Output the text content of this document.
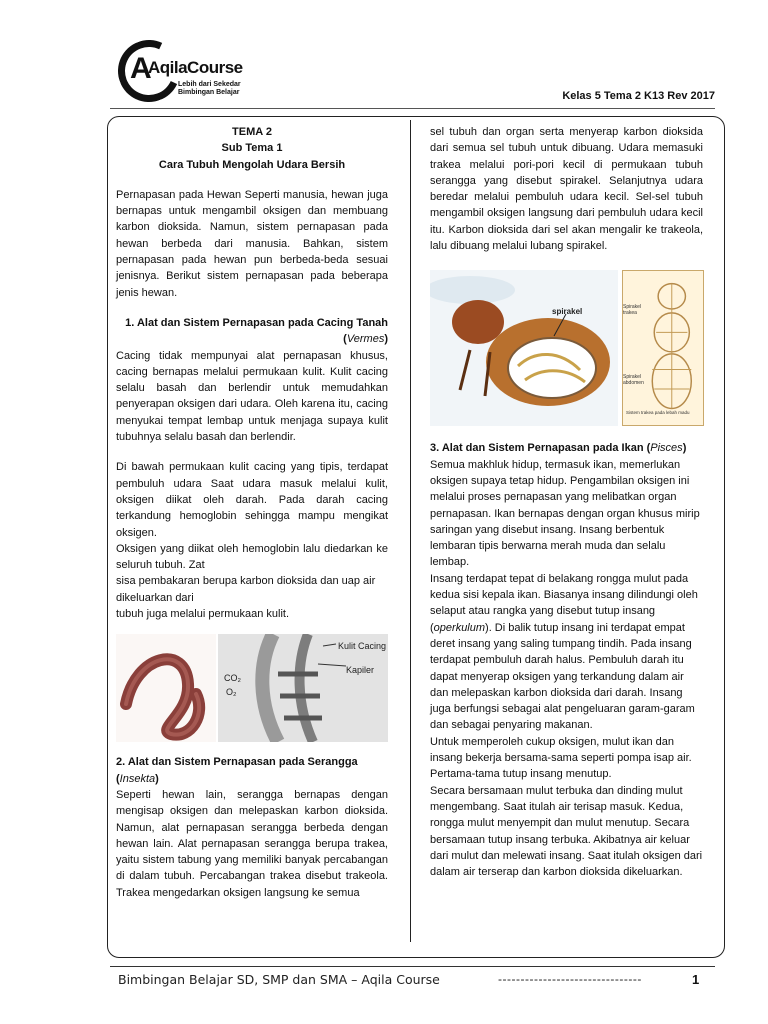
A
AqilaCourse
Lebih dari Sekedar
Bimbingan Belajar	Kelas 5 Tema 2 K13 Rev 2017
TEMA 2
Sub Tema 1
Cara Tubuh Mengolah Udara Bersih

Pernapasan pada Hewan Seperti manusia, hewan juga bernapas untuk mengambil oksigen dan membuang karbon dioksida. Namun, sistem pernapasan pada hewan berbeda dari manusia. Bahkan, sistem pernapasan pada hewan pun berbeda-beda sesuai jenisnya. Berikut sistem pernapasan pada beberapa jenis hewan.

1. Alat dan Sistem Pernapasan pada Cacing Tanah (Vermes)

Cacing tidak mempunyai alat pernapasan khusus, cacing bernapas melalui permukaan kulit. Kulit cacing selalu basah dan berlendir untuk memudahkan penyerapan oksigen dari udara. Oleh karena itu, cacing menyukai tempat lembap untuk menjaga supaya kulit tubuhnya selalu basah dan berlendir.

Di bawah permukaan kulit cacing yang tipis, terdapat pembuluh udara Saat udara masuk melalui kulit, oksigen diikat oleh darah. Pada darah cacing terkandung hemoglobin sehingga mampu mengikat oksigen.

Oksigen yang diikat oleh hemoglobin lalu diedarkan ke seluruh tubuh. Zat

sisa pembakaran berupa karbon dioksida dan uap air dikeluarkan dari

tubuh juga melalui permukaan kulit.

Kulit Cacing
Kapiler
CO₂
O₂
2. Alat dan Sistem Pernapasan pada Serangga (Insekta)

Seperti hewan lain, serangga bernapas dengan mengisap oksigen dan melepaskan karbon dioksida. Namun, alat pernapasan serangga berbeda dengan hewan lain. Alat pernapasan serangga berupa trakea, yaitu sistem tabung yang memiliki banyak percabangan di dalam tubuh. Percabangan trakea disebut trakeola. Trakea mengedarkan oksigen langsung ke semua

sel tubuh dan organ serta menyerap karbon dioksida dari semua sel tubuh untuk dibuang. Udara memasuki trakea melalui pori-pori kecil di permukaan tubuh serangga yang disebut spirakel. Selanjutnya udara beredar melalui pembuluh udara kecil. Sel-sel tubuh mengambil oksigen langsung dari pembuluh udara kecil itu. Karbon dioksida dari sel akan mengalir ke trakeola, lalu dibuang melalui lubang spirakel.

spirakel	Spirakel trakea
Spirakel abdomen
Sistem trakea pada lebah madu
3. Alat dan Sistem Pernapasan pada Ikan (Pisces)

Semua makhluk hidup, termasuk ikan, memerlukan oksigen supaya tetap hidup. Pengambilan oksigen ini melalui proses pernapasan yang melibatkan organ pernapasan. Ikan bernapas dengan organ khusus mirip saringan yang disebut insang. Insang berbentuk lembaran tipis berwarna merah muda dan selalu lembap.

Insang terdapat tepat di belakang rongga mulut pada kedua sisi kepala ikan. Biasanya insang dilindungi oleh selaput atau rangka yang disebut tutup insang (operkulum). Di balik tutup insang ini terdapat empat deret insang yang saling tumpang tindih. Pada insang terdapat pembuluh darah halus. Pembuluh darah itu dapat menyerap oksigen yang terkandung dalam air dan melepaskan karbon dioksida dari darah. Insang juga berfungsi sebagai alat pengeluaran garam-garam dan sebagai penyaring makanan.

Untuk memperoleh cukup oksigen, mulut ikan dan insang bekerja bersama-sama seperti pompa isap air. Pertama-tama tutup insang menutup.

Secara bersamaan mulut terbuka dan dinding mulut mengembang. Saat itulah air terisap masuk. Kedua, rongga mulut menyempit dan mulut menutup. Secara bersamaan tutup insang terbuka. Akibatnya air keluar dari mulut dan melewati insang. Saat itulah oksigen dari dalam air terserap dan karbon dioksida dikeluarkan.

Bimbingan Belajar SD, SMP dan SMA – Aqila Course	--------------------------------	1
